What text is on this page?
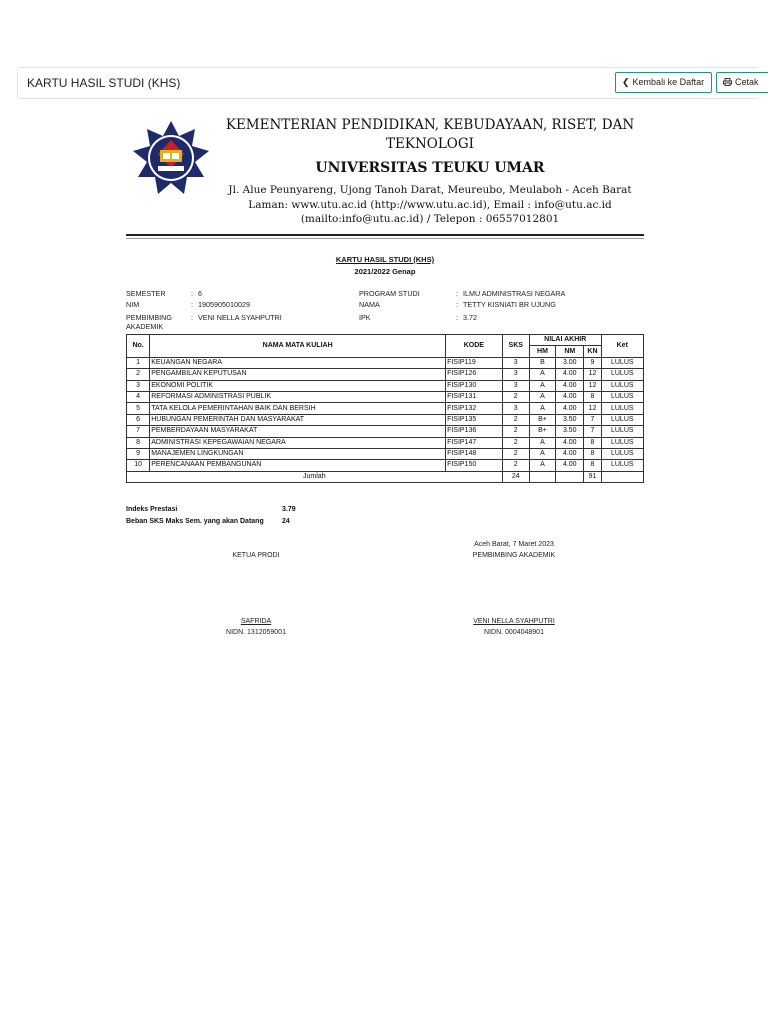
KARTU HASIL STUDI (KHS)	❮ Kembali ke Daftar	Cetak
KEMENTERIAN PENDIDIKAN, KEBUDAYAAN, RISET, DAN TEKNOLOGI
UNIVERSITAS TEUKU UMAR
Jl. Alue Peunyareng, Ujong Tanoh Darat, Meureubo, Meulaboh - Aceh Barat
Laman: www.utu.ac.id (http://www.utu.ac.id), Email : info@utu.ac.id
(mailto:info@utu.ac.id) / Telepon : 06557012801
KARTU HASIL STUDI (KHS)
2021/2022 Genap
SEMESTER	: 6
NIM	: 1905905010029
PEMBIMBING AKADEMIK
: VENI NELLA SYAHPUTRI
PROGRAM STUDI	: ILMU ADMINISTRASI NEGARA
NAMA	: TETTY KISNIATI BR UJUNG
IPK	: 3.72
No.	NAMA MATA KULIAH	KODE	SKS	NILAI AKHIR			Ket
				HM	NM	KN	
1	KEUANGAN NEGARA	FISIP119	3	B	3.00	9	LULUS
2	PENGAMBILAN KEPUTUSAN	FISIP126	3	A	4.00	12	LULUS
3	EKONOMI POLITIK	FISIP130	3	A	4.00	12	LULUS
4	REFORMASI ADMINISTRASI PUBLIK	FISIP131	2	A	4.00	8	LULUS
5	TATA KELOLA PEMERINTAHAN BAIK DAN BERSIH	FISIP132	3	A	4.00	12	LULUS
6	HUBUNGAN PEMERINTAH DAN MASYARAKAT	FISIP135	2	B+	3.50	7	LULUS
7	PEMBERDAYAAN MASYARAKAT	FISIP136	2	B+	3.50	7	LULUS
8	ADMINISTRASI KEPEGAWAIAN NEGARA	FISIP147	2	A	4.00	8	LULUS
9	MANAJEMEN LINGKUNGAN	FISIP148	2	A	4.00	8	LULUS
10	PERENCANAAN PEMBANGUNAN	FISIP150	2	A	4.00	8	LULUS
Jumlah			24			91	
Indeks Prestasi	3.79
Beban SKS Maks Sem. yang akan Datang	24
Aceh Barat, 7 Maret 2023
KETUA PRODI	PEMBIMBING AKADEMIK
SAFRIDA	VENI NELLA SYAHPUTRI
NIDN. 1312059001	NIDN. 0004048901
